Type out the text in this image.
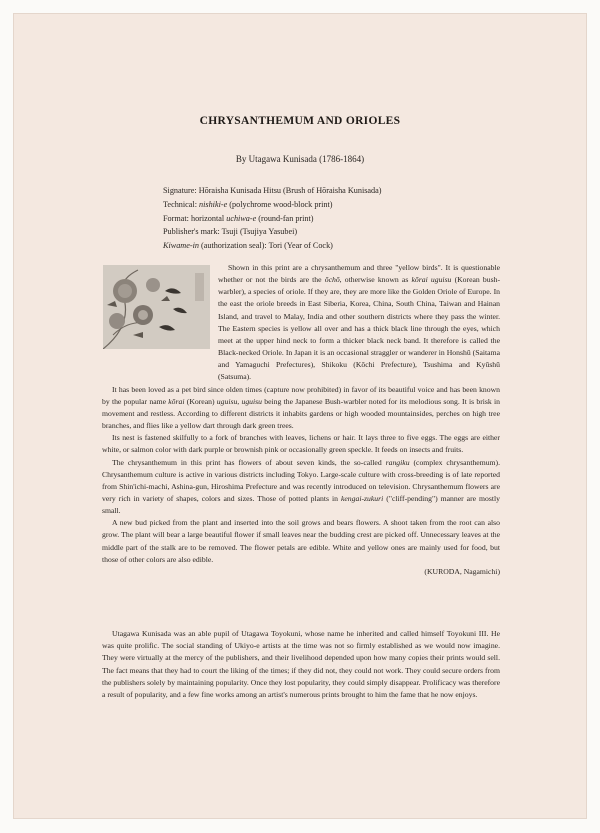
CHRYSANTHEMUM AND ORIOLES
By Utagawa Kunisada (1786-1864)
Signature: Hōraisha Kunisada Hitsu (Brush of Hōraisha Kunisada)
Technical: nishiki-e (polychrome wood-block print)
Format: horizontal uchiwa-e (round-fan print)
Publisher's mark: Tsuji (Tsujiya Yasubei)
Kiwame-in (authorization seal): Tori (Year of Cock)

Shown in this print are a chrysanthemum and three "yellow birds". It is questionable whether or not the birds are the ōchō, otherwise known as kōrai uguisu (Korean bush-warbler), a species of oriole. If they are, they are more like the Golden Oriole of Europe. In the east the oriole breeds in East Siberia, Korea, China, South China, Taiwan and Hainan Island, and travel to Malay, India and other southern districts where they pass the winter. The Eastern species is yellow all over and has a thick black line through the eyes, which meet at the upper hind neck to form a thicker black neck band. It therefore is called the Black-necked Oriole. In Japan it is an occasional straggler or wanderer in Honshū (Saitama and Yamaguchi Prefectures), Shikoku (Kōchi Prefecture), Tsushima and Kyūshū (Satsuma).

It has been loved as a pet bird since olden times (capture now prohibited) in favor of its beautiful voice and has been known by the popular name kōrai (Korean) uguisu, uguisu being the Japanese Bush-warbler noted for its melodious song. It is brisk in movement and restless. According to different districts it inhabits gardens or high wooded mountainsides, perches on high tree branches, and flies like a yellow dart through dark green trees.

Its nest is fastened skilfully to a fork of branches with leaves, lichens or hair. It lays three to five eggs. The eggs are either white, or salmon color with dark purple or brownish pink or occasionally green speckle. It feeds on insects and fruits.

The chrysanthemum in this print has flowers of about seven kinds, the so-called rangiku (complex chrysanthemum). Chrysanthemum culture is active in various districts including Tokyo. Large-scale culture with cross-breeding is of late reported from Shin'ichi-machi, Ashina-gun, Hiroshima Prefecture and was recently introduced on television. Chrysanthemum flowers are very rich in variety of shapes, colors and sizes. Those of potted plants in kengai-zukuri ("cliff-pending") manner are mostly small.

A new bud picked from the plant and inserted into the soil grows and bears flowers. A shoot taken from the root can also grow. The plant will bear a large beautiful flower if small leaves near the budding crest are picked off. Unnecessary leaves at the middle part of the stalk are to be removed. The flower petals are edible. White and yellow ones are mainly used for food, but those of other colors are also edible.

(KURODA, Nagamichi)

Utagawa Kunisada was an able pupil of Utagawa Toyokuni, whose name he inherited and called himself Toyokuni III. He was quite prolific. The social standing of Ukiyo-e artists at the time was not so firmly established as we would now imagine. They were virtually at the mercy of the publishers, and their livelihood depended upon how many copies their prints would sell. The fact means that they had to court the liking of the times; if they did not, they could not work. They could secure orders from the publishers solely by maintaining popularity. Once they lost popularity, they could simply disappear. Prolificacy was therefore a result of popularity, and a few fine works among an artist's numerous prints brought to him the fame that he now enjoys.
